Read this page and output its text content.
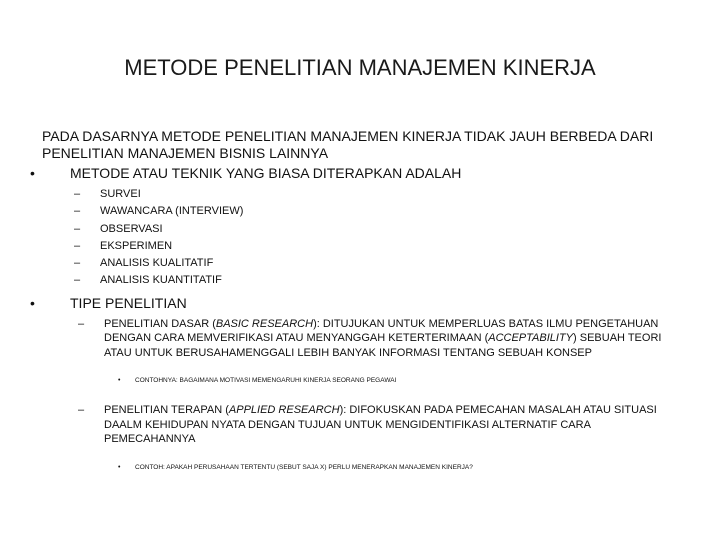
METODE PENELITIAN MANAJEMEN KINERJA

PADA DASARNYA METODE PENELITIAN MANAJEMEN KINERJA TIDAK JAUH BERBEDA DARI PENELITIAN MANAJEMEN BISNIS LAINNYA

•	METODE ATAU TEKNIK YANG BIASA DITERAPKAN ADALAH
– SURVEI
– WAWANCARA (INTERVIEW)
– OBSERVASI
– EKSPERIMEN
– ANALISIS KUALITATIF
– ANALISIS KUANTITATIF
•	TIPE PENELITIAN
– PENELITIAN DASAR (BASIC RESEARCH): DITUJUKAN UNTUK MEMPERLUAS BATAS ILMU PENGETAHUAN DENGAN CARA MEMVERIFIKASI ATAU MENYANGGAH KETERTERIMAAN (ACCEPTABILITY) SEBUAH TEORI ATAU UNTUK BERUSAHAMENGGALI LEBIH BANYAK INFORMASI TENTANG SEBUAH KONSEP
• CONTOHNYA: BAGAIMANA MOTIVASI MEMENGARUHI KINERJA SEORANG PEGAWAI
– PENELITIAN TERAPAN (APPLIED RESEARCH): DIFOKUSKAN PADA PEMECAHAN MASALAH ATAU SITUASI DAALM KEHIDUPAN NYATA DENGAN TUJUAN UNTUK MENGIDENTIFIKASI ALTERNATIF CARA PEMECAHANNYA
• CONTOH: APAKAH PERUSAHAAN TERTENTU (SEBUT SAJA X) PERLU MENERAPKAN MANAJEMEN KINERJA?
